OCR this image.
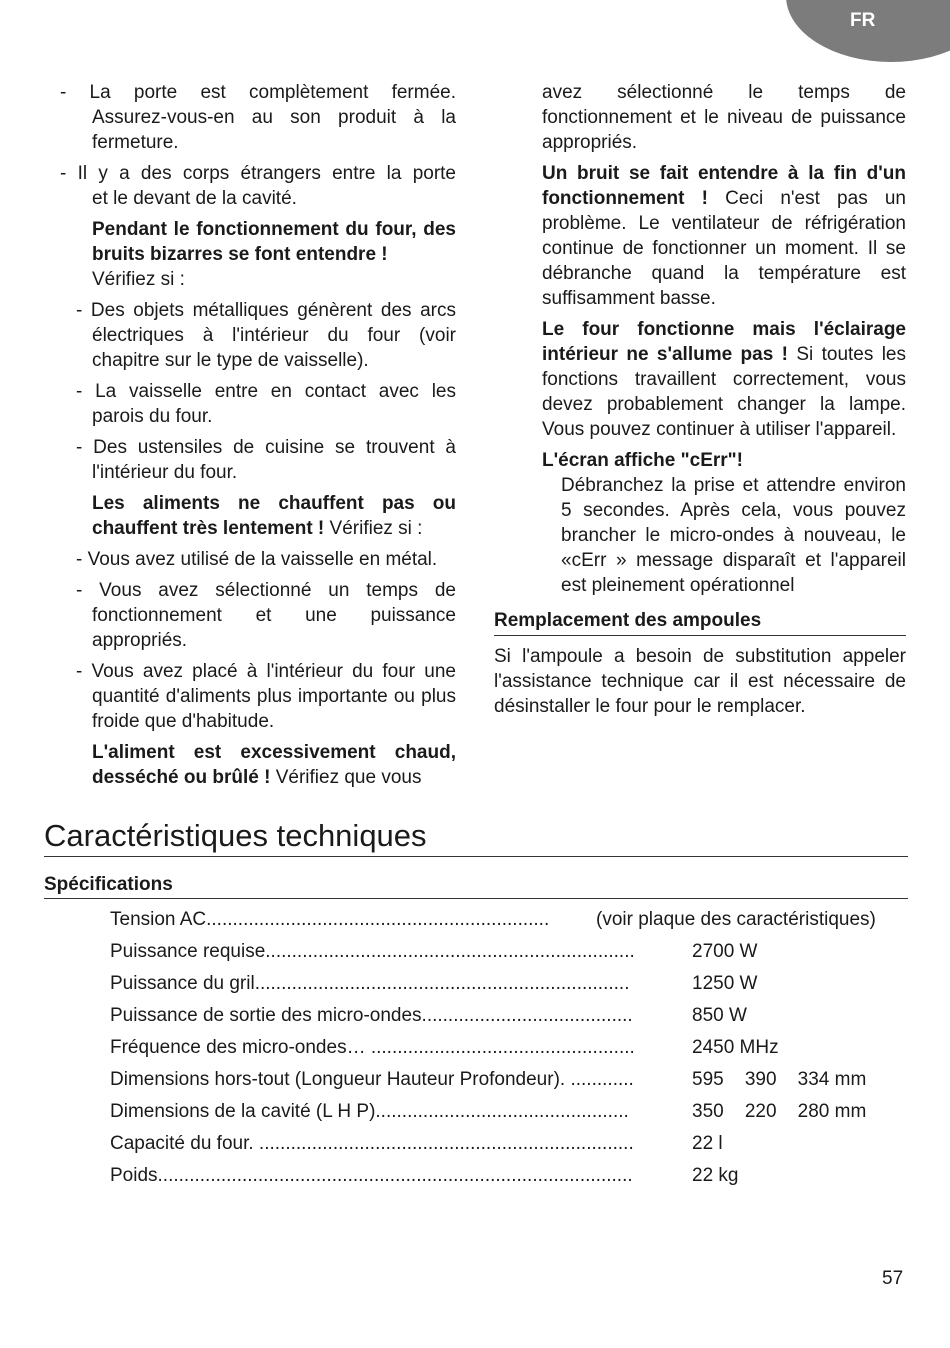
FR

- La porte est complètement fermée.
Assurez-vous-en au son produit à la fermeture.

- Il y a des corps étrangers entre la porte
et le devant de la cavité.

Pendant le fonctionnement du four, des bruits bizarres se font entendre !
Vérifiez si :

- Des objets métalliques génèrent des arcs électriques à l'intérieur du four (voir chapitre sur le type de vaisselle).

- La vaisselle entre en contact avec les parois du four.

- Des ustensiles de cuisine se trouvent à l'intérieur du four.

Les aliments ne chauffent pas ou chauffent très lentement ! Vérifiez si :

- Vous avez utilisé de la vaisselle en métal.

- Vous avez sélectionné un temps de fonctionnement et une puissance appropriés.

- Vous avez placé à l'intérieur du four une quantité d'aliments plus importante ou plus froide que d'habitude.

L'aliment est excessivement chaud, desséché ou brûlé ! Vérifiez que vous

avez sélectionné le temps de fonctionnement et le niveau de puissance appropriés.

Un bruit se fait entendre à la fin d'un fonctionnement ! Ceci n'est pas un problème. Le ventilateur de réfrigération continue de fonctionner un moment. Il se débranche quand la température est suffisamment basse.

Le four fonctionne mais l'éclairage intérieur ne s'allume pas ! Si toutes les fonctions travaillent correctement, vous devez probablement changer la lampe. Vous pouvez continuer à utiliser l'appareil.

L'écran affiche "cErr"!

Débranchez la prise et attendre environ 5 secondes. Après cela, vous pouvez brancher le micro-ondes à nouveau, le «cErr » message disparaît et l'appareil est pleinement opérationnel

Remplacement des ampoules

Si l'ampoule a besoin de substitution appeler l'assistance technique car il est nécessaire de désinstaller le four pour le remplacer.

Caractéristiques techniques
Spécifications
Tension AC................................................................. (voir plaque des caractéristiques)
Puissance requise......................................................................	2700 W
Puissance du gril.......................................................................	1250 W
Puissance de sortie des micro-ondes........................................	850 W
Fréquence des micro-ondes… ..................................................	2450 MHz
Dimensions hors-tout (Longueur Hauteur Profondeur). ............	595    390    334 mm
Dimensions de la cavité (L H P)................................................	350    220    280 mm
Capacité du four. .......................................................................	22 l
Poids..........................................................................................	22 kg
57
